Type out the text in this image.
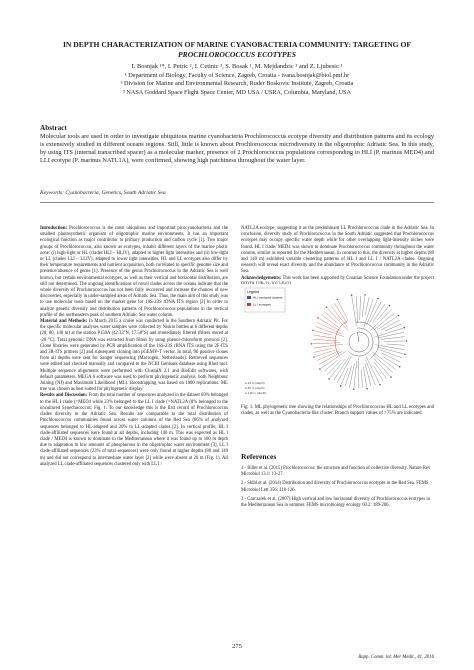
IN DEPTH CHARACTERIZATION OF MARINE CYANOBACTERIA COMMUNITY: TARGETING OF
PROCHLOROCOCCUS ECOTYPES
I. Bosnjak ¹*, I. Petric ², I. Cetinic ³, S. Bosak ¹, M. Mejdandzic ¹ and Z. Ljubesic ¹
¹ Department of Biology, Faculty of Science, Zagreb, Croatia - ivana.bosnjak@biol.pmf.hr
² Division for Marine and Environmental Research, Ruder Boskovic Institute, Zagreb, Croatia
³ NASA Goddard Space Flight Space Center, MD USA / USRA, Columbia, Maryland, USA
Abstract

Molecular tools are used in order to investigate ubiquitous marine cyanobacteria Prochlorococcus ecotype diversity and distribution patterns and its ecology is extensively studied in different oceans regions. Still, little is known about Prochlorococcus microdiversity in the oligotrophic Adriatic Sea. In this study, by using ITS (internal transcribed spacer) as a molecular marker, presence of 2 Prochlorococcus populations corresponding to HLI (P. marinus MED4) and LLI ecotype (P. marinus NATL1A), were confirmed, showing high patchiness throughout the water layer.

Keywords: Cyanobacteria, Genetics, South Adriatic Sea

Introduction: Prochlorococcus is the most ubiquitous and important picocyanobacteria and the smallest photosynthetic organism of oligotrophic marine environments. It has an important ecological function as major contributor to primary production and carbon cycle [1]. Two major groups of Prochlorococcus, also known as ecotypes, inhabit different layers of the marine photic zone: (i) high-light or HL (clades HLI – HLIV), adapted to higher light intensities and (ii) low-light or LL (clades LLI – LLIV), adapted to lower light intensities. HL and LL ecotypes also differ by their temperature requirements and nutrient acquisition, both correlated to specific genome size and presence/absence of genes [1]. Presence of the genus Prochlorococcus in the Adriatic Sea is well known, but certain environmental ecotypes, as well as their vertical and horizontal distribution, are still not determined. The ongoing identifications of novel clades across the oceans indicate that the whole diversity of Prochlorococcus has not been fully recovered and increase the chances of new discoveries, especially in under-sampled areas of Adriatic Sea. Thus, the main aim of this study was to use molecular tools based on the marker gene for 16S-23S rDNA ITS region [2] in order to analyze genetic diversity and distribution patterns of Prochlorococcus populations in the vertical profile of the northeastern peak of southern Adriatic Sea water column.

Material and Methods: In March 2015 a cruise was conducted in the Southern Adriatic Pit. For the specific molecular analyses water samples were collected by Niskin bottles at 6 different depths (20, 80, 140 m) at the station P150A (42.33°N, 17.58°S) and immediately filtered (filters stored at -20 °C). Total genomic DNA was extracted from filters by using phenol-chloroform protocol [2]. Clone libraries were generated by PCR amplification of the 16S-23S rRNA ITS using the 2F-ITS and 3R-ITS primers [2] and subsequent cloning into pGEM®-T vector. In total, 96 positive clones from all depths were sent for Sanger sequencing (Macrogen, Netherlands). Retrieved sequences were edited and checked manually and compared to the NCBI Genbank database using Blast tool. Multiple sequence alignments were performed with ClustalX 2.1 and BioEdit softwares, with default parameters. MEGA 6 software was used to perform phylogenetic analysis, both Neighbour Joining (NJ) and Maximum Likelihood (ML). Bootstrapping was based on 1000 replications. ML tree was chosen as best suited for phylogenetic display.

Results and Discussion: From the total number of sequences analyzed in the dataset 69% belonged to the HL I clade (=MED4 while 23% belonged to the LL I clade (=NATL2A (8% belonged to the uncultured Synechococcus; Fig. 1. To our knowledge this is the first record of Prochlorococcus clades diversity in the Adriatic Sea. Results are comparable to the total distribution of Prochlorococcus communities found across water columns of the Red Sea (86% of analyzed sequences belonged to HL-adapted and 20% to LL-adapted clades [2]. In vertical profile, HL I clade-affiliated sequences were found at all depths, including 140 m. This was expected as HL I clade / MED4 is known to dominate in the Mediterranean where it was found up to 100 m depth due to adaptation to low amounts of phosphorous in the oligotrophic water environment [3]. LL I clade-affiliated sequences (23% of total sequences) were only found at higher depths (80 and 140 m) and did not correspond to intermediate water layer [2] while were absent at 20 m (Fig. 1). All analyzed LL clade-affiliated sequences clustered only with LL I /

NATL2A ecotype, suggesting it as the predominant LL Prochlorococcus clade in the Adriatic Sea. In conclusion, diversity study of Prochlorococcus in the South Adriatic suggested that Prochlorococcus ecotypes may occupy specific water depth while for other overlapping light-intensity niches were found. HL I clade/ MED4 was shown to dominate Prochlorococcus community throughout the water column, similar as reported for the Mediterranean. In contrast to this, the diversity at higher depths (80 and 140 m) exhibited variable clustering patterns of HL I and LL I / NATL2A clades. Ongoing research will reveal exact diversity and the abundance of Prochlorococcus community in the Adriatic Sea.

Acknowledgements: This work has been supported by Croatian Science Foundation under the project

Legend
HL I ecotypes clusters
LL I ecotypes
● 20 m (depth)
● 80 m (depth)
● 140 m (depth)
Fig. 1. ML phylogenetic tree showing the relationships of Prochlorococcus HL and LL ecotypes and clades, as well as the Cyanobacteria-like cluster. Branch support values of >75% are indicated.
References
1 - Biller et al. (2015) Prochlorococcus: the structure and function of collective diversity. Nature Rev Microbiol 13.1: 13-27.
2 - Shibl et al. (2014) Distribution and diversity of Prochlorococcus ecotypes in the Red Sea. FEMS Microbiol Lett 356: 118-126.
3 - Garczarek et al. (2007) High vertical and low horizontal diversity of Prochlorococcus ecotypes in the Mediterranean Sea in summer. FEMS microbiology ecology 60.2: 189-206.
275
Rapp. Comm. int. Mer Médit., 41, 2016
